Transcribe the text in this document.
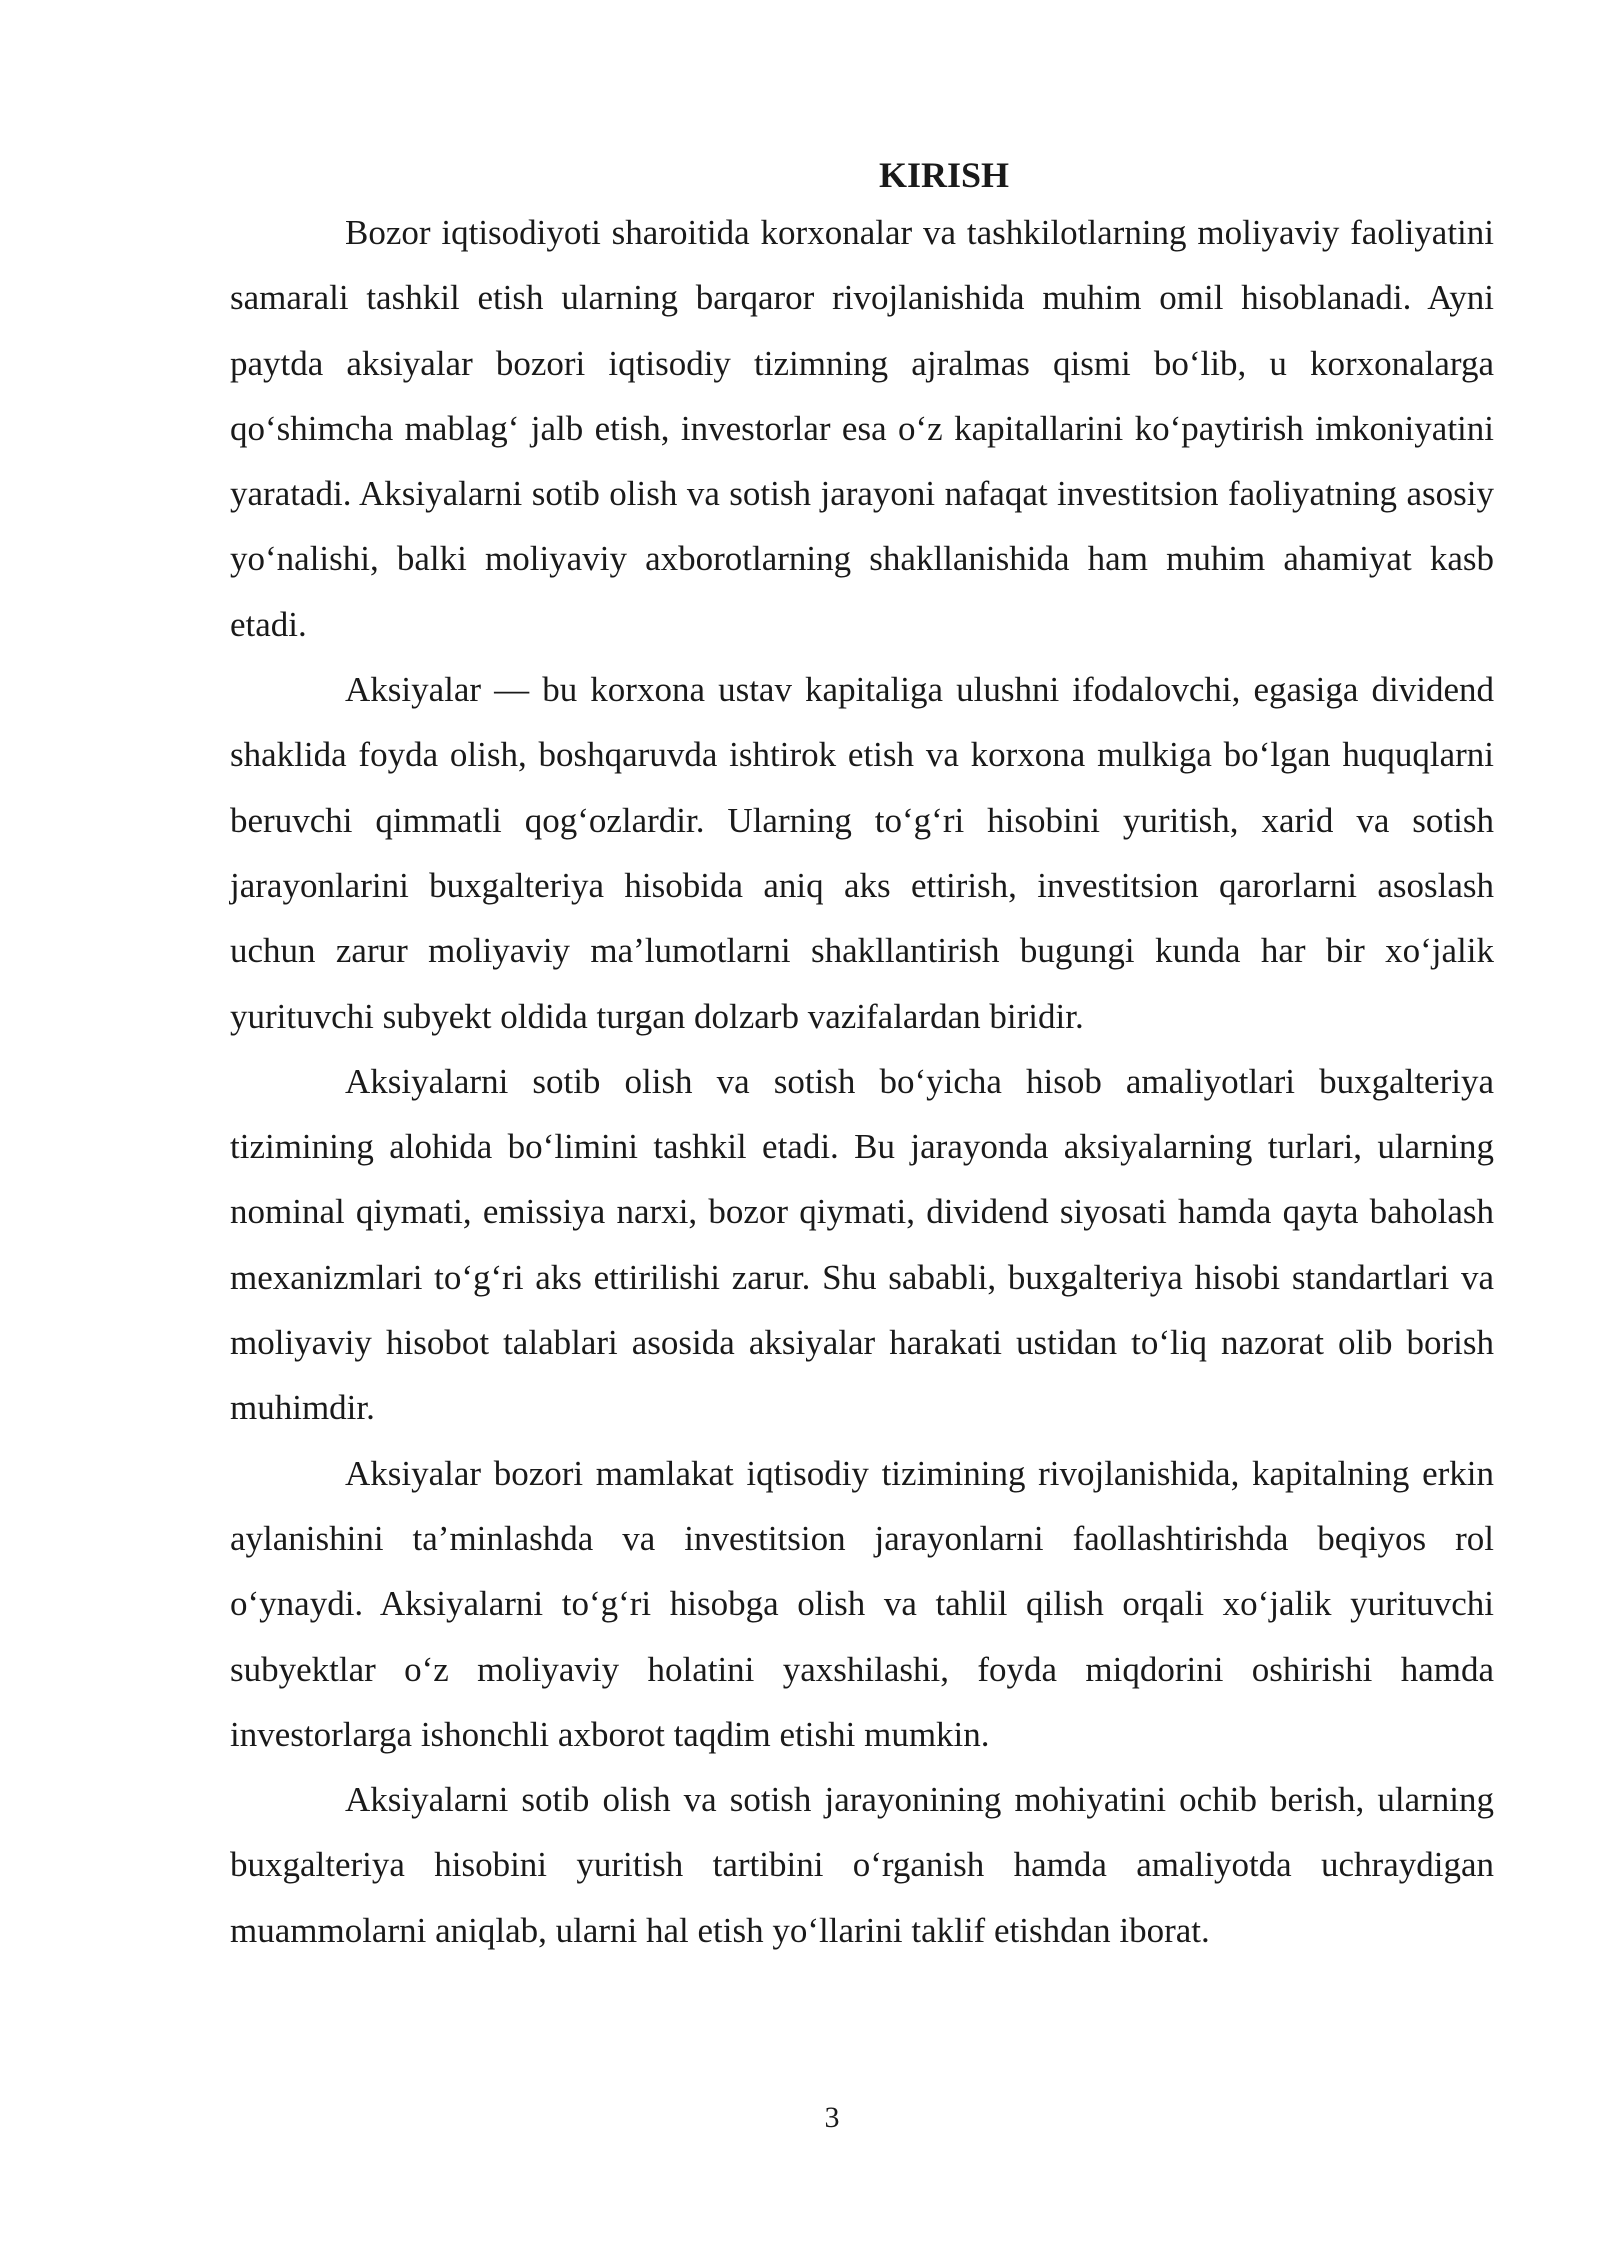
KIRISH

Bozor iqtisodiyoti sharoitida korxonalar va tashkilotlarning moliyaviy faoliyatini samarali tashkil etish ularning barqaror rivojlanishida muhim omil hisoblanadi. Ayni paytda aksiyalar bozori iqtisodiy tizimning ajralmas qismi bo‘lib, u korxonalarga qo‘shimcha mablag‘ jalb etish, investorlar esa o‘z kapitallarini ko‘paytirish imkoniyatini yaratadi. Aksiyalarni sotib olish va sotish jarayoni nafaqat investitsion faoliyatning asosiy yo‘nalishi, balki moliyaviy axborotlarning shakllanishida ham muhim ahamiyat kasb etadi.

Aksiyalar — bu korxona ustav kapitaliga ulushni ifodalovchi, egasiga dividend shaklida foyda olish, boshqaruvda ishtirok etish va korxona mulkiga bo‘lgan huquqlarni beruvchi qimmatli qog‘ozlardir. Ularning to‘g‘ri hisobini yuritish, xarid va sotish jarayonlarini buxgalteriya hisobida aniq aks ettirish, investitsion qarorlarni asoslash uchun zarur moliyaviy ma’lumotlarni shakllantirish bugungi kunda har bir xo‘jalik yurituvchi subyekt oldida turgan dolzarb vazifalardan biridir.

Aksiyalarni sotib olish va sotish bo‘yicha hisob amaliyotlari buxgalteriya tizimining alohida bo‘limini tashkil etadi. Bu jarayonda aksiyalarning turlari, ularning nominal qiymati, emissiya narxi, bozor qiymati, dividend siyosati hamda qayta baholash mexanizmlari to‘g‘ri aks ettirilishi zarur. Shu sababli, buxgalteriya hisobi standartlari va moliyaviy hisobot talablari asosida aksiyalar harakati ustidan to‘liq nazorat olib borish muhimdir.

Aksiyalar bozori mamlakat iqtisodiy tizimining rivojlanishida, kapitalning erkin aylanishini ta’minlashda va investitsion jarayonlarni faollashtirishda beqiyos rol o‘ynaydi. Aksiyalarni to‘g‘ri hisobga olish va tahlil qilish orqali xo‘jalik yurituvchi subyektlar o‘z moliyaviy holatini yaxshilashi, foyda miqdorini oshirishi hamda investorlarga ishonchli axborot taqdim etishi mumkin.

Aksiyalarni sotib olish va sotish jarayonining mohiyatini ochib berish, ularning buxgalteriya hisobini yuritish tartibini o‘rganish hamda amaliyotda uchraydigan muammolarni aniqlab, ularni hal etish yo‘llarini taklif etishdan iborat.

3
